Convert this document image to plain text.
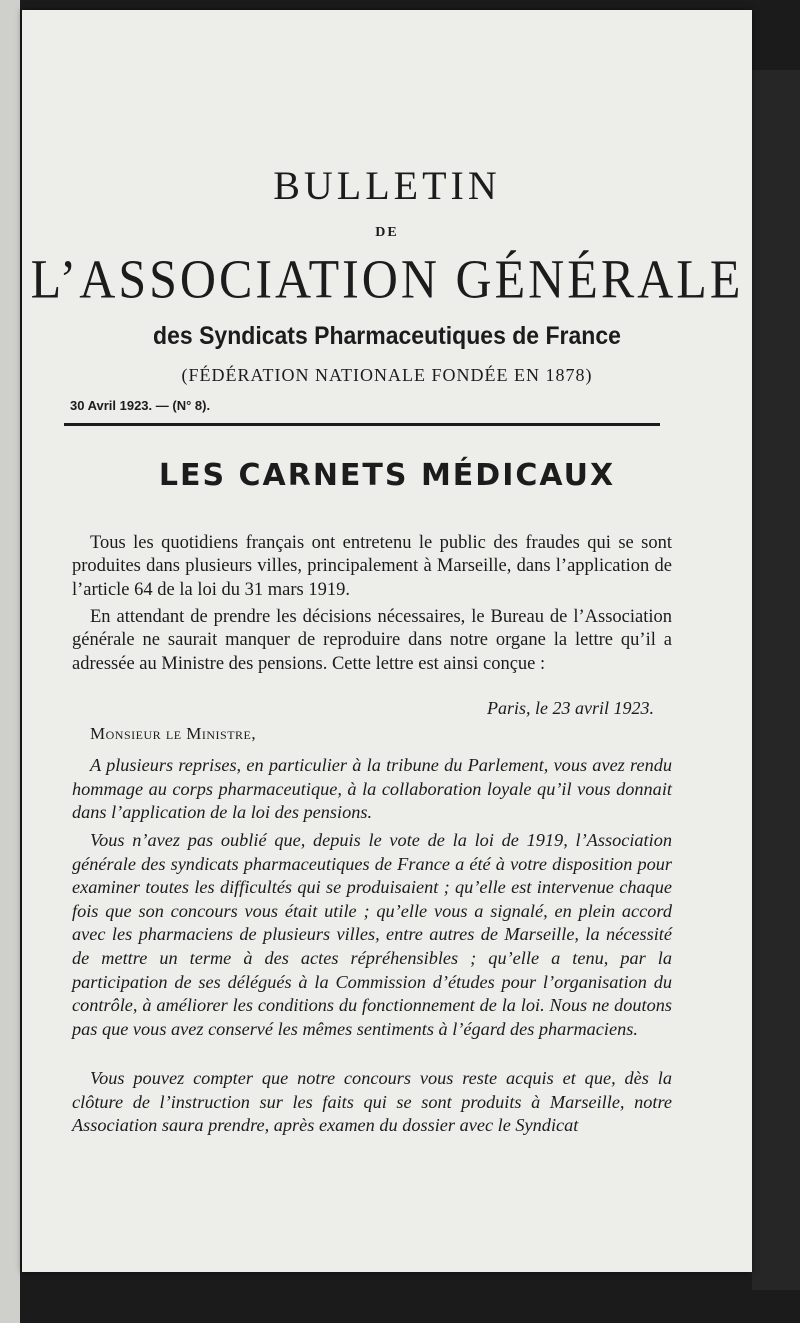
BULLETIN
DE
L’ASSOCIATION GÉNÉRALE
des Syndicats Pharmaceutiques de France
(FÉDÉRATION NATIONALE FONDÉE EN 1878)
30 Avril 1923. — (N° 8).
LES CARNETS MÉDICAUX
Tous les quotidiens français ont entretenu le public des fraudes qui se sont produites dans plusieurs villes, principalement à Marseille, dans l’application de l’article 64 de la loi du 31 mars 1919.
En attendant de prendre les décisions nécessaires, le Bureau de l’Association générale ne saurait manquer de reproduire dans notre organe la lettre qu’il a adressée au Ministre des pensions. Cette lettre est ainsi conçue :
Paris, le 23 avril 1923.
Monsieur le Ministre,
A plusieurs reprises, en particulier à la tribune du Parlement, vous avez rendu hommage au corps pharmaceutique, à la collaboration loyale qu’il vous donnait dans l’application de la loi des pensions.
Vous n’avez pas oublié que, depuis le vote de la loi de 1919, l’Association générale des syndicats pharmaceutiques de France a été à votre disposition pour examiner toutes les difficultés qui se produisaient ; qu’elle est intervenue chaque fois que son concours vous était utile ; qu’elle vous a signalé, en plein accord avec les pharmaciens de plusieurs villes, entre autres de Marseille, la nécessité de mettre un terme à des actes répréhensibles ; qu’elle a tenu, par la participation de ses délégués à la Commission d’études pour l’organisation du contrôle, à améliorer les conditions du fonctionnement de la loi. Nous ne doutons pas que vous avez conservé les mêmes sentiments à l’égard des pharmaciens.
Vous pouvez compter que notre concours vous reste acquis et que, dès la clôture de l’instruction sur les faits qui se sont produits à Marseille, notre Association saura prendre, après examen du dossier avec le Syndicat
